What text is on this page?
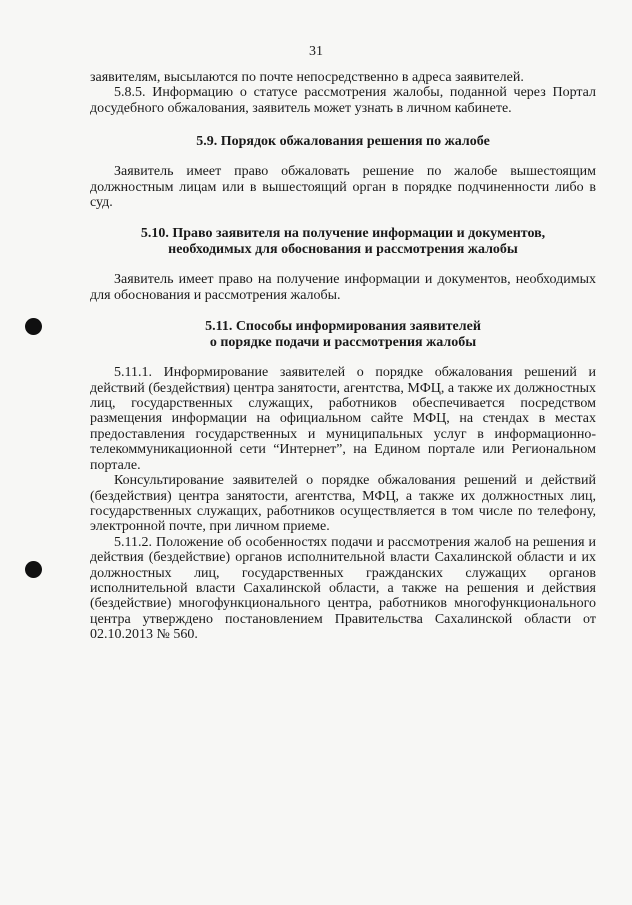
31

заявителям, высылаются по почте непосредственно в адреса заявителей.

5.8.5. Информацию о статусе рассмотрения жалобы, поданной через Портал досудебного обжалования, заявитель может узнать в личном кабинете.

5.9. Порядок обжалования решения по жалобе

Заявитель имеет право обжаловать решение по жалобе вышестоящим должностным лицам или в вышестоящий орган в порядке подчиненности либо в суд.

5.10. Право заявителя на получение информации и документов,
необходимых для обоснования и рассмотрения жалобы

Заявитель имеет право на получение информации и документов, необходимых для обоснования и рассмотрения жалобы.

5.11. Способы информирования заявителей
о порядке подачи и рассмотрения жалобы

5.11.1. Информирование заявителей о порядке обжалования решений и действий (бездействия) центра занятости, агентства, МФЦ, а также их должностных лиц, государственных служащих, работников обеспечивается посредством размещения информации на официальном сайте МФЦ, на стендах в местах предоставления государственных и муниципальных услуг в информационно-телекоммуникационной сети “Интернет”, на Едином портале или Региональном портале.

Консультирование заявителей о порядке обжалования решений и действий (бездействия) центра занятости, агентства, МФЦ, а также их должностных лиц, государственных служащих, работников осуществляется в том числе по телефону, электронной почте, при личном приеме.

5.11.2. Положение об особенностях подачи и рассмотрения жалоб на решения и действия (бездействие) органов исполнительной власти Сахалинской области и их должностных лиц, государственных гражданских служащих органов исполнительной власти Сахалинской области, а также на решения и действия (бездействие) многофункционального центра, работников многофункционального центра утверждено постановлением Правительства Сахалинской области от 02.10.2013 № 560.
